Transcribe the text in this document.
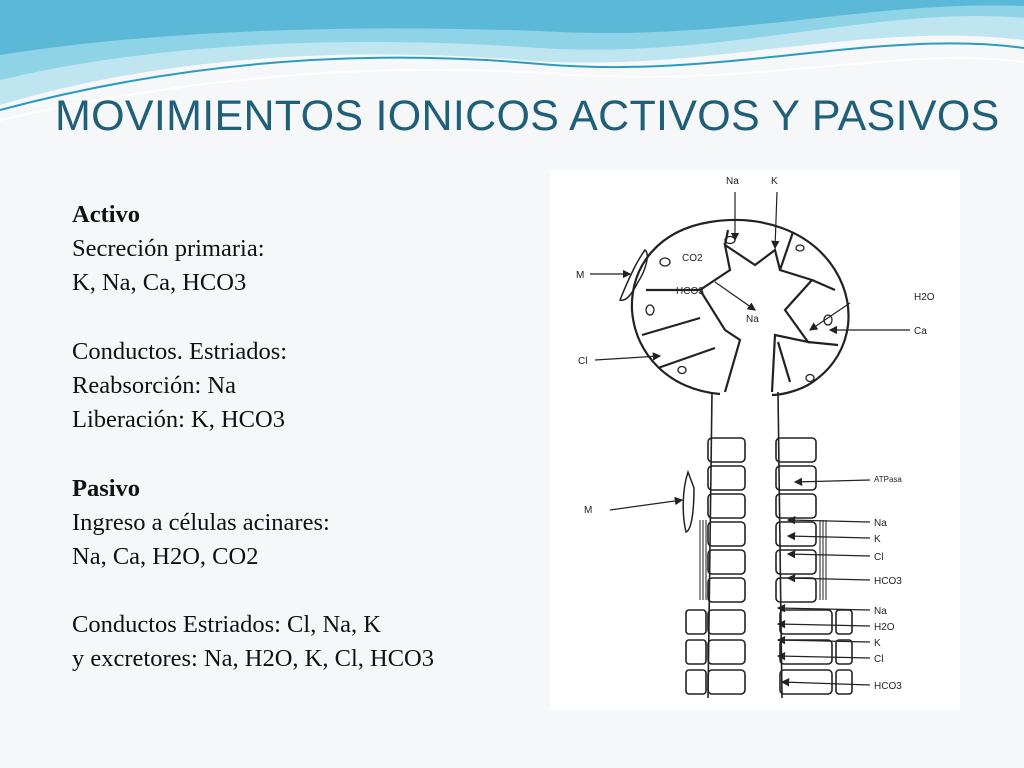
MOVIMIENTOS IONICOS ACTIVOS Y PASIVOS
Activo
Secreción primaria:
K, Na, Ca, HCO3
Conductos. Estriados:
Reabsorción: Na
Liberación: K, HCO3
Pasivo
Ingreso a células acinares:
Na, Ca, H2O, CO2
Conductos Estriados: Cl, Na, K
y excretores: Na, H2O, K, Cl, HCO3
Na	K
M
CO2
HCO3
Na
H2O
Ca
Cl
ATPasa
M
Na
K
Cl
HCO3
Na
H2O
K
Cl
HCO3
